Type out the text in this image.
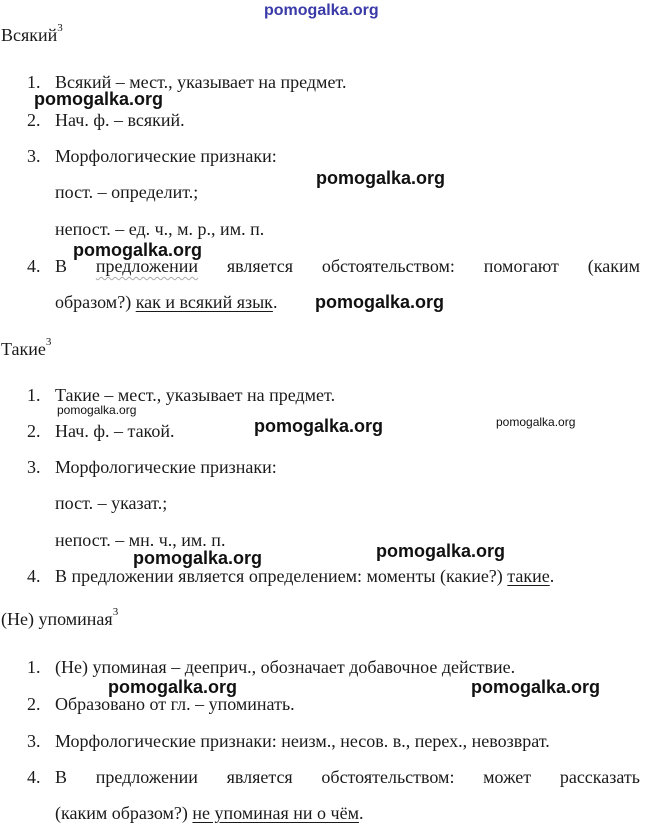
pomogalka.org
Всякий$^3$
1. Всякий – мест., указывает на предмет.
2. Нач. ф. – всякий.
3. Морфологические признаки:
пост. – определит.;
непост. – ед. ч., м. р., им. п.
4. В предложении является обстоятельством: помогают (каким
образом?) как и всякий язык.
Такие$^3$
1. Такие – мест., указывает на предмет.
2. Нач. ф. – такой.
3. Морфологические признаки:
пост. – указат.;
непост. – мн. ч., им. п.
4. В предложении является определением: моменты (какие?) такие.
(Не) упоминая$^3$
1. (Не) упоминая – дееприч., обозначает добавочное действие.
2. Образовано от гл. – упоминать.
3. Морфологические признаки: неизм., несов. в., перех., невозврат.
4. В предложении является обстоятельством: может рассказать
(каким образом?) не упоминая ни о чём.
pomogalka.org
pomogalka.org
pomogalka.org
pomogalka.org
pomogalka.org
pomogalka.org	pomogalka.org
pomogalka.org
pomogalka.org
pomogalka.org	pomogalka.org
